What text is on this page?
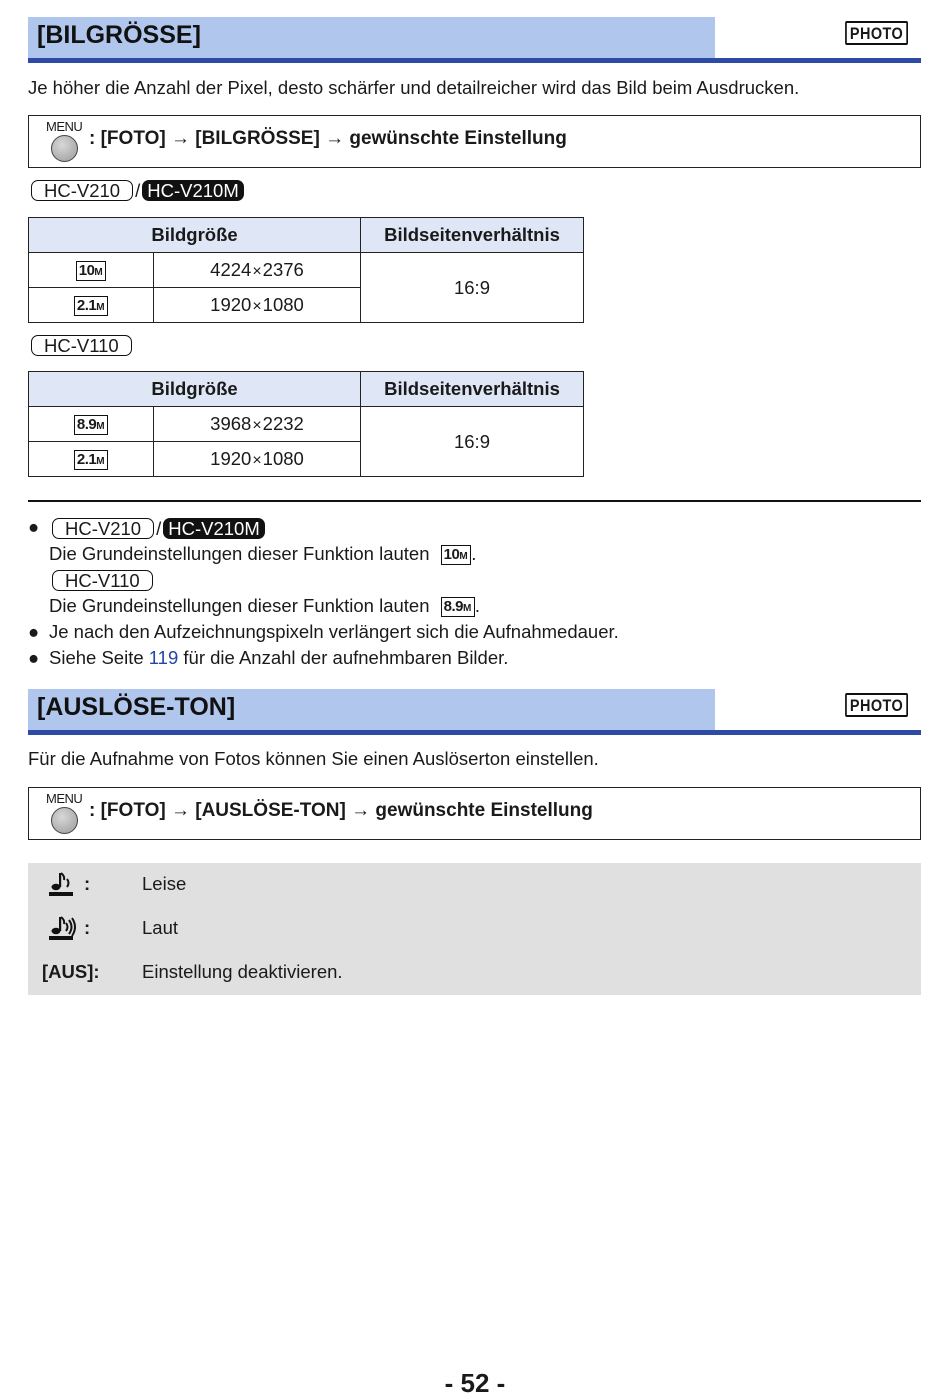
[BILGRÖSSE]	PHOTO
Je höher die Anzahl der Pixel, desto schärfer und detailreicher wird das Bild beim Ausdrucken.
MENU
: [FOTO] → [BILGRÖSSE] → gewünschte Einstellung
HC-V210 / HC-V210M
Bildgröße		Bildseitenverhältnis
10M	4224×2376	16:9
2.1M	1920×1080	
HC-V110
Bildgröße		Bildseitenverhältnis
8.9M	3968×2232	16:9
2.1M	1920×1080	
●	HC-V210 / HC-V210M
Die Grundeinstellungen dieser Funktion lauten 10M .
HC-V110
Die Grundeinstellungen dieser Funktion lauten 8.9M .
● Je nach den Aufzeichnungspixeln verlängert sich die Aufnahmedauer.
● Siehe Seite 119 für die Anzahl der aufnehmbaren Bilder.
[AUSLÖSE-TON]	PHOTO
Für die Aufnahme von Fotos können Sie einen Auslöserton einstellen.
MENU
: [FOTO] → [AUSLÖSE-TON] → gewünschte Einstellung
:	Leise
:	Laut
[AUS]: Einstellung deaktivieren.
- 52 -
